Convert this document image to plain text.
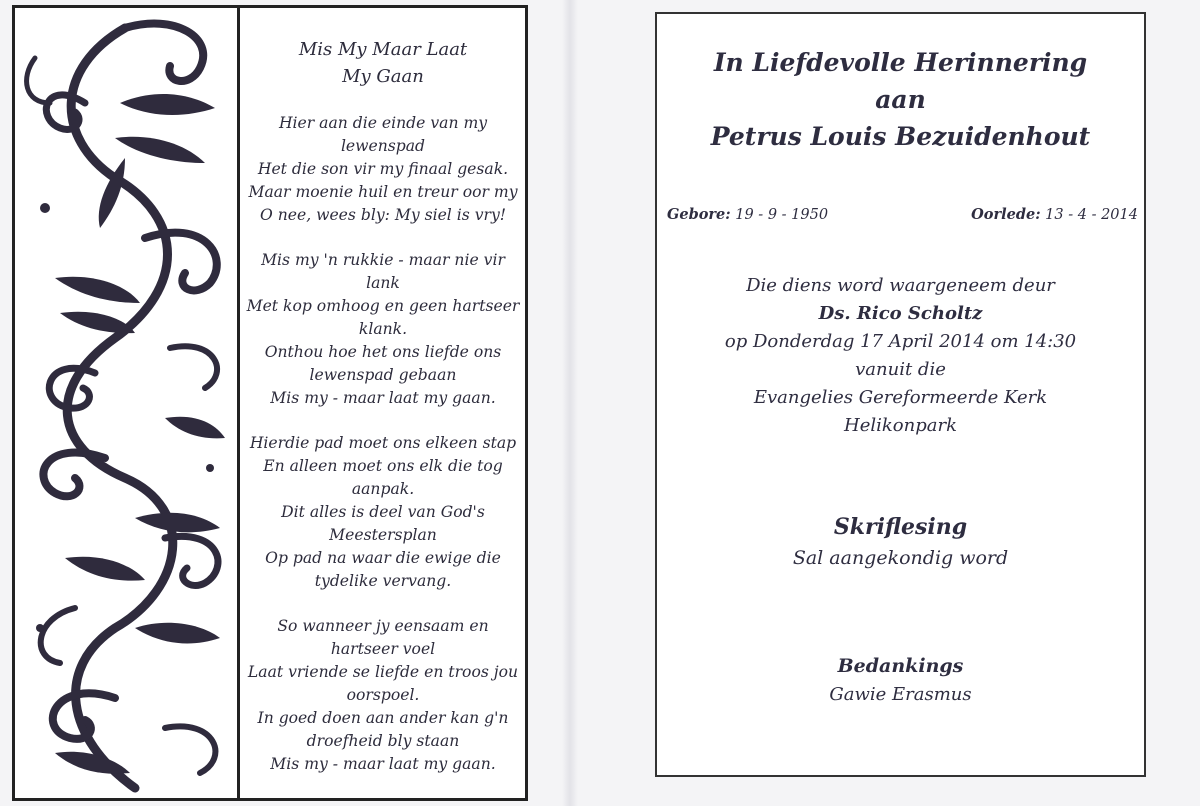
Mis My Maar Laat
My Gaan
Hier aan die einde van my
lewenspad
Het die son vir my finaal gesak.
Maar moenie huil en treur oor my
O nee, wees bly: My siel is vry!
Mis my 'n rukkie - maar nie vir
lank
Met kop omhoog en geen hartseer
klank.
Onthou hoe het ons liefde ons
lewenspad gebaan
Mis my - maar laat my gaan.
Hierdie pad moet ons elkeen stap
En alleen moet ons elk die tog
aanpak.
Dit alles is deel van God's
Meestersplan
Op pad na waar die ewige die
tydelike vervang.
So wanneer jy eensaam en
hartseer voel
Laat vriende se liefde en troos jou
oorspoel.
In goed doen aan ander kan g'n
droefheid bly staan
Mis my - maar laat my gaan.
In Liefdevolle Herinnering
aan
Petrus Louis Bezuidenhout
Gebore: 19 - 9 - 1950	Oorlede: 13 - 4 - 2014
Die diens word waargeneem deur
Ds. Rico Scholtz
op Donderdag 17 April 2014 om 14:30
vanuit die
Evangelies Gereformeerde Kerk
Helikonpark
Skriflesing
Sal aangekondig word
Bedankings
Gawie Erasmus
